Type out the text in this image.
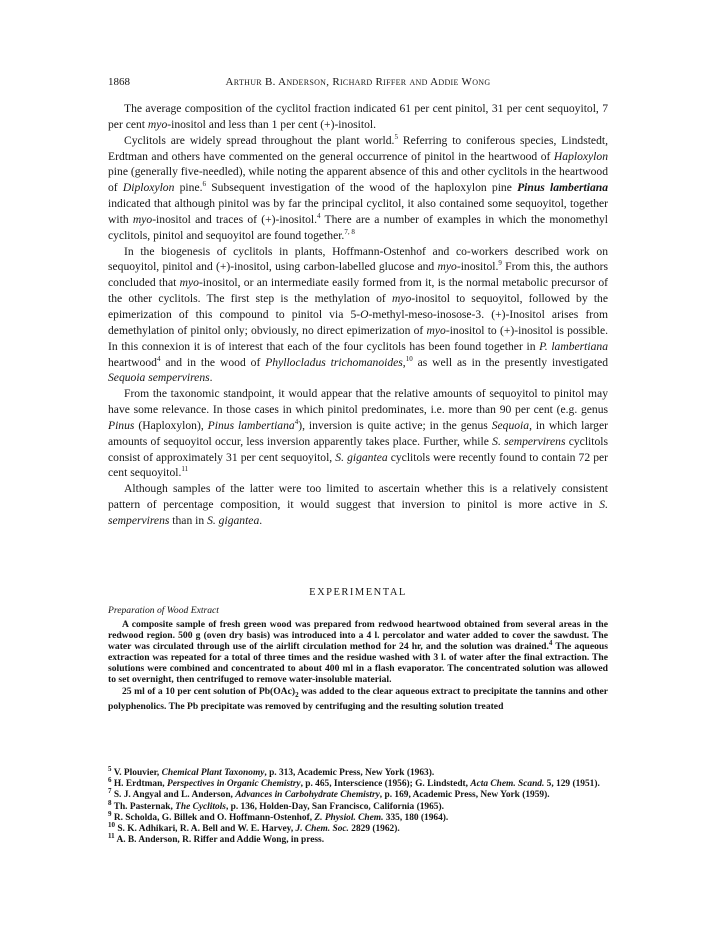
1868	Arthur B. Anderson, Richard Riffer and Addie Wong

The average composition of the cyclitol fraction indicated 61 per cent pinitol, 31 per cent sequoyitol, 7 per cent myo-inositol and less than 1 per cent (+)-inositol.

Cyclitols are widely spread throughout the plant world.$^5$ Referring to coniferous species, Lindstedt, Erdtman and others have commented on the general occurrence of pinitol in the heartwood of Haploxylon pine (generally five-needled), while noting the apparent absence of this and other cyclitols in the heartwood of Diploxylon pine.$^6$ Subsequent investigation of the wood of the haploxylon pine Pinus lambertiana indicated that although pinitol was by far the principal cyclitol, it also contained some sequoyitol, together with myo-inositol and traces of (+)-inositol.$^4$ There are a number of examples in which the monomethyl cyclitols, pinitol and sequoyitol are found together.$^{7, 8}$

In the biogenesis of cyclitols in plants, Hoffmann-Ostenhof and co-workers described work on sequoyitol, pinitol and (+)-inositol, using carbon-labelled glucose and myo-inositol.$^9$ From this, the authors concluded that myo-inositol, or an intermediate easily formed from it, is the normal metabolic precursor of the other cyclitols. The first step is the methylation of myo-inositol to sequoyitol, followed by the epimerization of this compound to pinitol via 5-O-methyl-meso-inosose-3. (+)-Inositol arises from demethylation of pinitol only; obviously, no direct epimerization of myo-inositol to (+)-inositol is possible. In this connexion it is of interest that each of the four cyclitols has been found together in P. lambertiana heartwood$^4$ and in the wood of Phyllocladus trichomanoides,$^{10}$ as well as in the presently investigated Sequoia sempervirens.

From the taxonomic standpoint, it would appear that the relative amounts of sequoyitol to pinitol may have some relevance. In those cases in which pinitol predominates, i.e. more than 90 per cent (e.g. genus Pinus (Haploxylon), Pinus lambertiana$^4$), inversion is quite active; in the genus Sequoia, in which larger amounts of sequoyitol occur, less inversion apparently takes place. Further, while S. sempervirens cyclitols consist of approximately 31 per cent sequoyitol, S. gigantea cyclitols were recently found to contain 72 per cent sequoyitol.$^{11}$

Although samples of the latter were too limited to ascertain whether this is a relatively consistent pattern of percentage composition, it would suggest that inversion to pinitol is more active in S. sempervirens than in S. gigantea.

EXPERIMENTAL
Preparation of Wood Extract

A composite sample of fresh green wood was prepared from redwood heartwood obtained from several areas in the redwood region. 500 g (oven dry basis) was introduced into a 4 l. percolator and water added to cover the sawdust. The water was circulated through use of the airlift circulation method for 24 hr, and the solution was drained.$^4$ The aqueous extraction was repeated for a total of three times and the residue washed with 3 l. of water after the final extraction. The solutions were combined and concentrated to about 400 ml in a flash evaporator. The concentrated solution was allowed to set overnight, then centrifuged to remove water-insoluble material.

25 ml of a 10 per cent solution of $Pb(OAc)_2$ was added to the clear aqueous extract to precipitate the tannins and other polyphenolics. The Pb precipitate was removed by centrifuging and the resulting solution treated

$^5$ V. Plouvier, Chemical Plant Taxonomy, p. 313, Academic Press, New York (1963).

$^6$ H. Erdtman, Perspectives in Organic Chemistry, p. 465, Interscience (1956); G. Lindstedt, Acta Chem. Scand. 5, 129 (1951).

$^7$ S. J. Angyal and L. Anderson, Advances in Carbohydrate Chemistry, p. 169, Academic Press, New York (1959).

$^8$ Th. Pasternak, The Cyclitols, p. 136, Holden-Day, San Francisco, California (1965).

$^9$ R. Scholda, G. Billek and O. Hoffmann-Ostenhof, Z. Physiol. Chem. 335, 180 (1964).

$^{10}$ S. K. Adhikari, R. A. Bell and W. E. Harvey, J. Chem. Soc. 2829 (1962).

$^{11}$ A. B. Anderson, R. Riffer and Addie Wong, in press.
